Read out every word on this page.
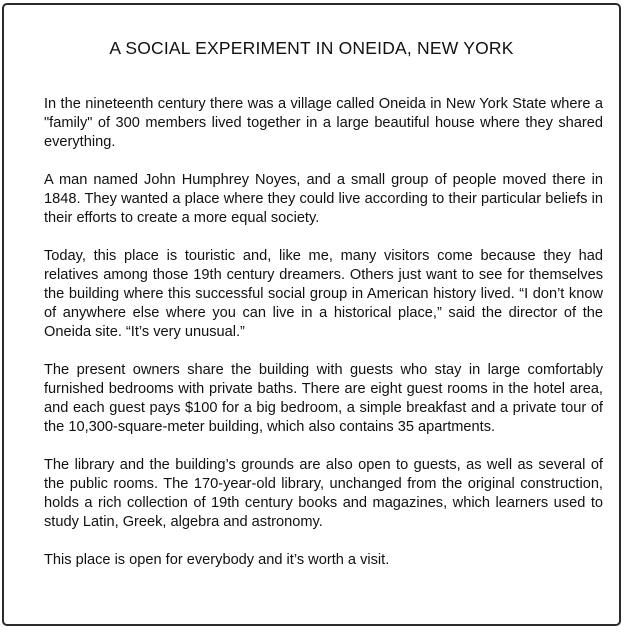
A SOCIAL EXPERIMENT IN ONEIDA, NEW YORK

In the nineteenth century there was a village called Oneida in New York State where a "family" of 300 members lived together in a large beautiful house where they shared everything.

A man named John Humphrey Noyes, and a small group of people moved there in 1848. They wanted a place where they could live according to their particular beliefs in their efforts to create a more equal society.

Today, this place is touristic and, like me, many visitors come because they had relatives among those 19th century dreamers. Others just want to see for themselves the building where this successful social group in American history lived. “I don’t know of anywhere else where you can live in a historical place,” said the director of the Oneida site. “It’s very unusual.”

The present owners share the building with guests who stay in large comfortably furnished bedrooms with private baths. There are eight guest rooms in the hotel area, and each guest pays $100 for a big bedroom, a simple breakfast and a private tour of the 10,300-square-meter building, which also contains 35 apartments.

The library and the building’s grounds are also open to guests, as well as several of the public rooms. The 170-year-old library, unchanged from the original construction, holds a rich collection of 19th century books and magazines, which learners used to study Latin, Greek, algebra and astronomy.

This place is open for everybody and it’s worth a visit.
